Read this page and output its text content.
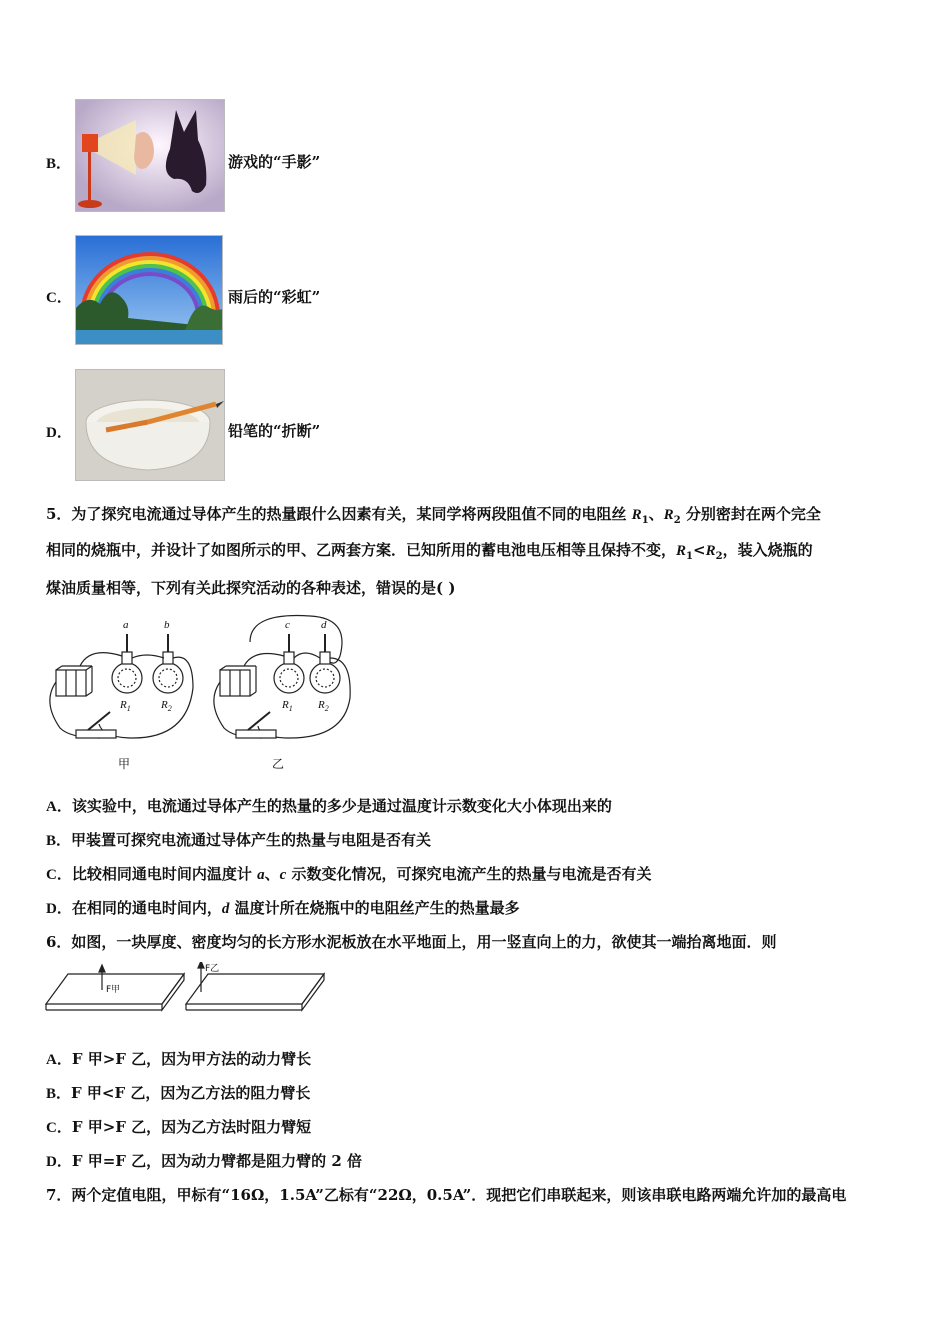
B．	游戏的“手影”
C．	雨后的“彩虹”
D．	铅笔的“折断”
5．为了探究电流通过导体产生的热量跟什么因素有关，某同学将两段阻值不同的电阻丝 $R_1$、$R_2$ 分别密封在两个完全
相同的烧瓶中，并设计了如图所示的甲、乙两套方案．已知所用的蓄电池电压相等且保持不变，$R_1<R_2$，装入烧瓶的
煤油质量相等，下列有关此探究活动的各种表述，错误的是( )
a	b	c	d
$R_1$	$R_2$	$R_1$ $R_2$
甲	乙
A．该实验中，电流通过导体产生的热量的多少是通过温度计示数变化大小体现出来的
B．甲装置可探究电流通过导体产生的热量与电阻是否有关
C．比较相同通电时间内温度计 a、c 示数变化情况，可探究电流产生的热量与电流是否有关
D．在相同的通电时间内，d 温度计所在烧瓶中的电阻丝产生的热量最多
6．如图，一块厚度、密度均匀的长方形水泥板放在水平地面上，用一竖直向上的力，欲使其一端抬离地面．则
F甲
F乙
A．F 甲>F 乙，因为甲方法的动力臂长
B．F 甲<F 乙，因为乙方法的阻力臂长
C．F 甲>F 乙，因为乙方法时阻力臂短
D．F 甲=F 乙，因为动力臂都是阻力臂的 2 倍
7．两个定值电阻，甲标有“16Ω，1.5A”乙标有“22Ω，0.5A”．现把它们串联起来，则该串联电路两端允许加的最高电
